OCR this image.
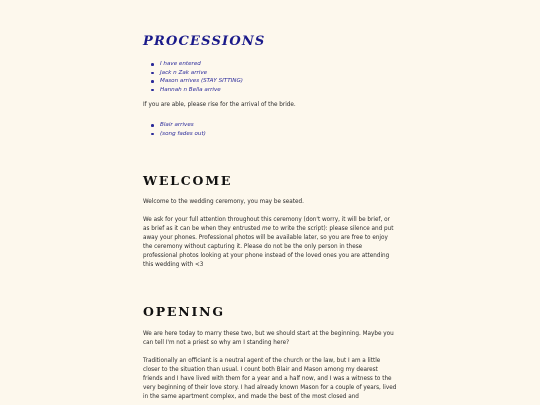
PROCESSIONS
I have entered
Jack n Zak arrive
Mason arrives (STAY SITTING)
Hannah n Bella arrive

If you are able, please rise for the arrival of the bride.

Blair arrives
(song fades out)
WELCOME

Welcome to the wedding ceremony, you may be seated.

We ask for your full attention throughout this ceremony (don't worry, it will be brief, or as brief as it can be when they entrusted me to write the script): please silence and put away your phones. Professional photos will be available later, so you are free to enjoy the ceremony without capturing it. Please do not be the only person in these professional photos looking at your phone instead of the loved ones you are attending this wedding with <3

OPENING

We are here today to marry these two, but we should start at the beginning. Maybe you can tell I'm not a priest so why am I standing here?

Traditionally an officiant is a neutral agent of the church or the law, but I am a little closer to the situation than usual. I count both Blair and Mason among my dearest friends and I have lived with them for a year and a half now, and I was a witness to the very beginning of their love story. I had already known Mason for a couple of years, lived in the same apartment complex, and made the best of the most closed and
